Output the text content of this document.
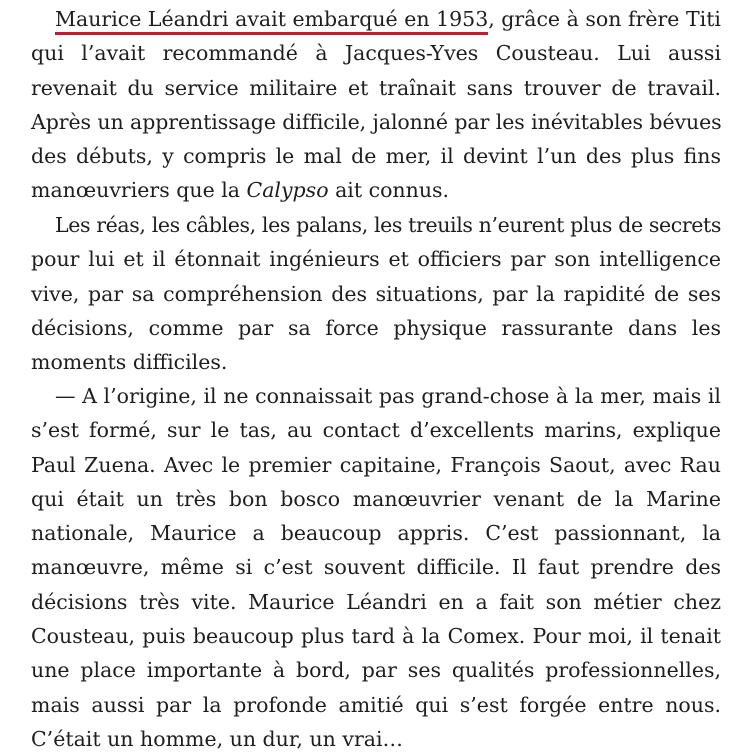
Maurice Léandri avait embarqué en 1953, grâce à son frère Titi
qui l’avait recommandé à Jacques-Yves Cousteau. Lui aussi
revenait du service militaire et traînait sans trouver de travail.
Après un apprentissage difficile, jalonné par les inévitables bévues
des débuts, y compris le mal de mer, il devint l’un des plus fins
manœuvriers que la Calypso ait connus.
Les réas, les câbles, les palans, les treuils n’eurent plus de secrets
pour lui et il étonnait ingénieurs et officiers par son intelligence
vive, par sa compréhension des situations, par la rapidité de ses
décisions, comme par sa force physique rassurante dans les
moments difficiles.
— A l’origine, il ne connaissait pas grand-chose à la mer, mais il
s’est formé, sur le tas, au contact d’excellents marins, explique
Paul Zuena. Avec le premier capitaine, François Saout, avec Rau
qui était un très bon bosco manœuvrier venant de la Marine
nationale, Maurice a beaucoup appris. C’est passionnant, la
manœuvre, même si c’est souvent difficile. Il faut prendre des
décisions très vite. Maurice Léandri en a fait son métier chez
Cousteau, puis beaucoup plus tard à la Comex. Pour moi, il tenait
une place importante à bord, par ses qualités professionnelles,
mais aussi par la profonde amitié qui s’est forgée entre nous.
C’était un homme, un dur, un vrai…
